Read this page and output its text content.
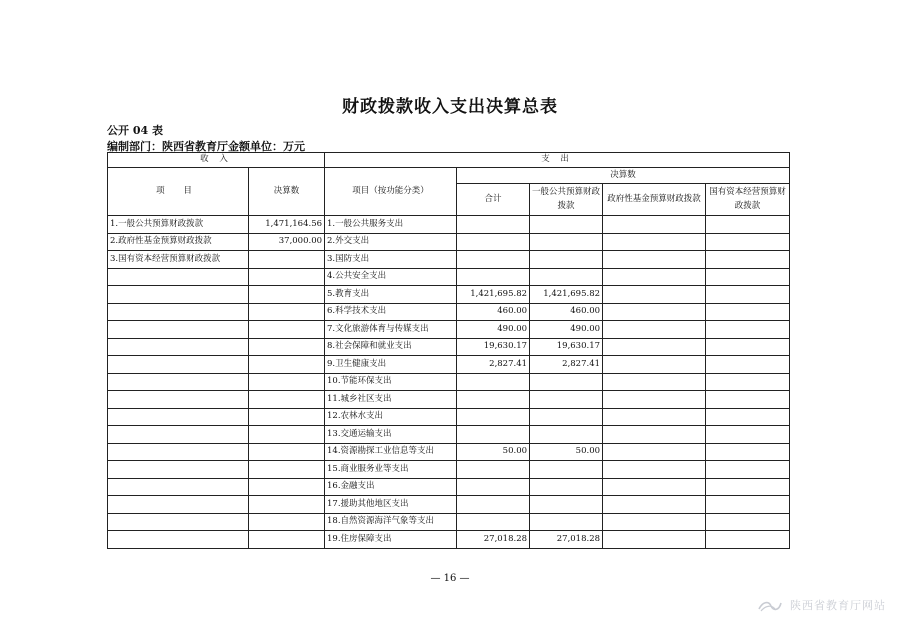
财政拨款收入支出决算总表
公开 04 表
编制部门：陕西省教育厅金额单位：万元
收 入		支 出				
项 目	决算数	项目（按功能分类）	决算数			
			合计	一般公共预算财政拨款	政府性基金预算财政拨款	国有资本经营预算财政拨款
1.一般公共预算财政拨款	1,471,164.56	1.一般公共服务支出				
2.政府性基金预算财政拨款	37,000.00	2.外交支出				
3.国有资本经营预算财政拨款		3.国防支出				
		4.公共安全支出				
		5.教育支出	1,421,695.82	1,421,695.82		
		6.科学技术支出	460.00	460.00		
		7.文化旅游体育与传媒支出	490.00	490.00		
		8.社会保障和就业支出	19,630.17	19,630.17		
		9.卫生健康支出	2,827.41	2,827.41		
		10.节能环保支出				
		11.城乡社区支出				
		12.农林水支出				
		13.交通运输支出				
		14.资源勘探工业信息等支出	50.00	50.00		
		15.商业服务业等支出				
		16.金融支出				
		17.援助其他地区支出				
		18.自然资源海洋气象等支出				
		19.住房保障支出	27,018.28	27,018.28		
— 16 —
陕西省教育厅网站
